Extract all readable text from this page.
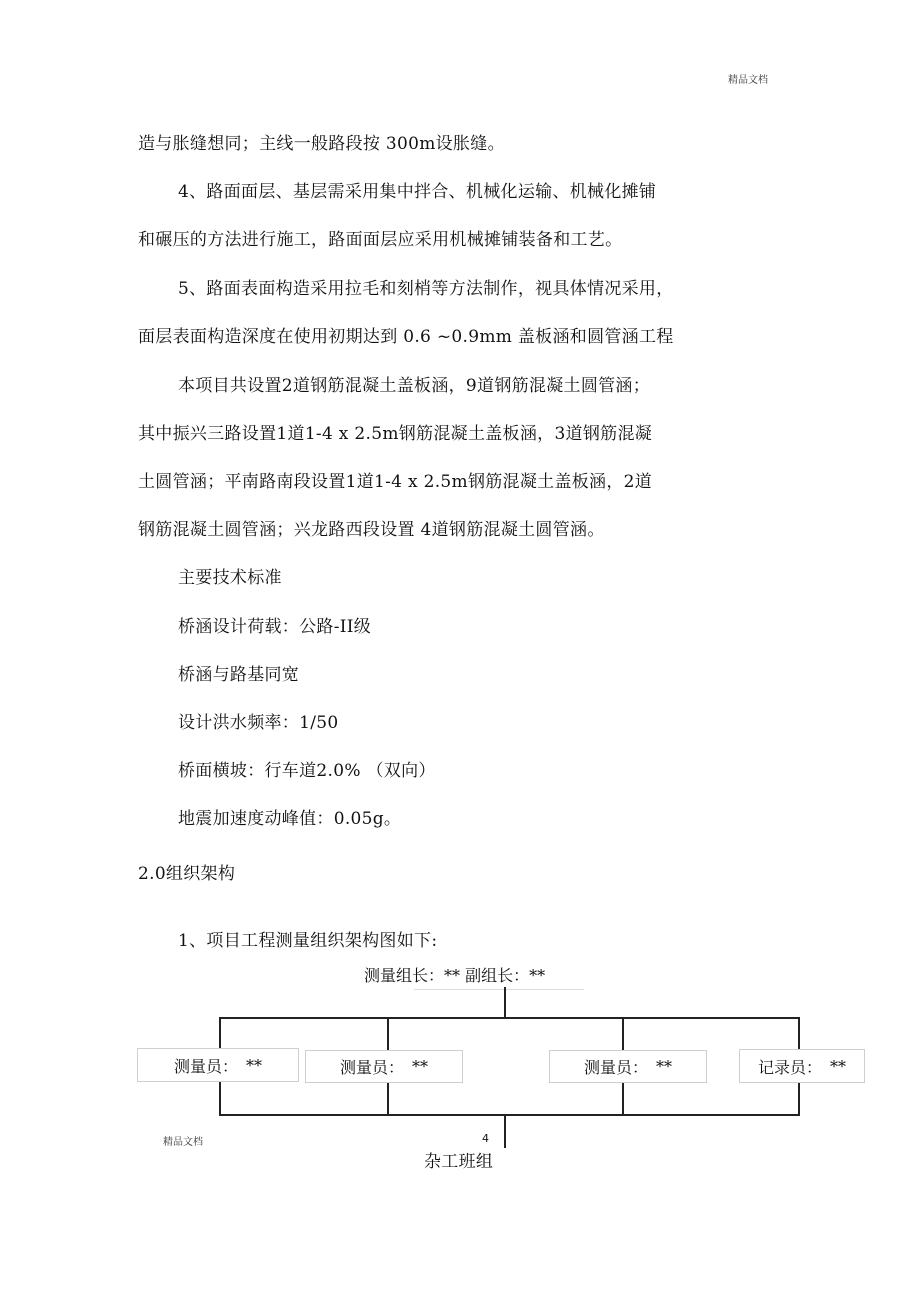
精品文档
造与胀缝想同；主线一般路段按 300m设胀缝。
4、路面面层、基层需采用集中拌合、机械化运输、机械化摊铺
和碾压的方法进行施工，路面面层应采用机械摊铺装备和工艺。
5、路面表面构造采用拉毛和刻梢等方法制作，视具体情况采用，
面层表面构造深度在使用初期达到 0.6 ~0.9mm 盖板涵和圆管涵工程
本项目共设置2道钢筋混凝土盖板涵，9道钢筋混凝土圆管涵；
其中振兴三路设置1道1-4 x 2.5m钢筋混凝土盖板涵，3道钢筋混凝
土圆管涵；平南路南段设置1道1-4 x 2.5m钢筋混凝土盖板涵，2道
钢筋混凝土圆管涵；兴龙路西段设置 4道钢筋混凝土圆管涵。
主要技术标准
桥涵设计荷载：公路-II级
桥涵与路基同宽
设计洪水频率：1/50
桥面横坡：行车道2.0% （双向）
地震加速度动峰值：0.05g。
2.0组织架构
1、项目工程测量组织架构图如下:
测量组长：** 副组长：**
测量员： **	测量员： **	测量员： **	记录员： **
杂工班组
精品文档	4
